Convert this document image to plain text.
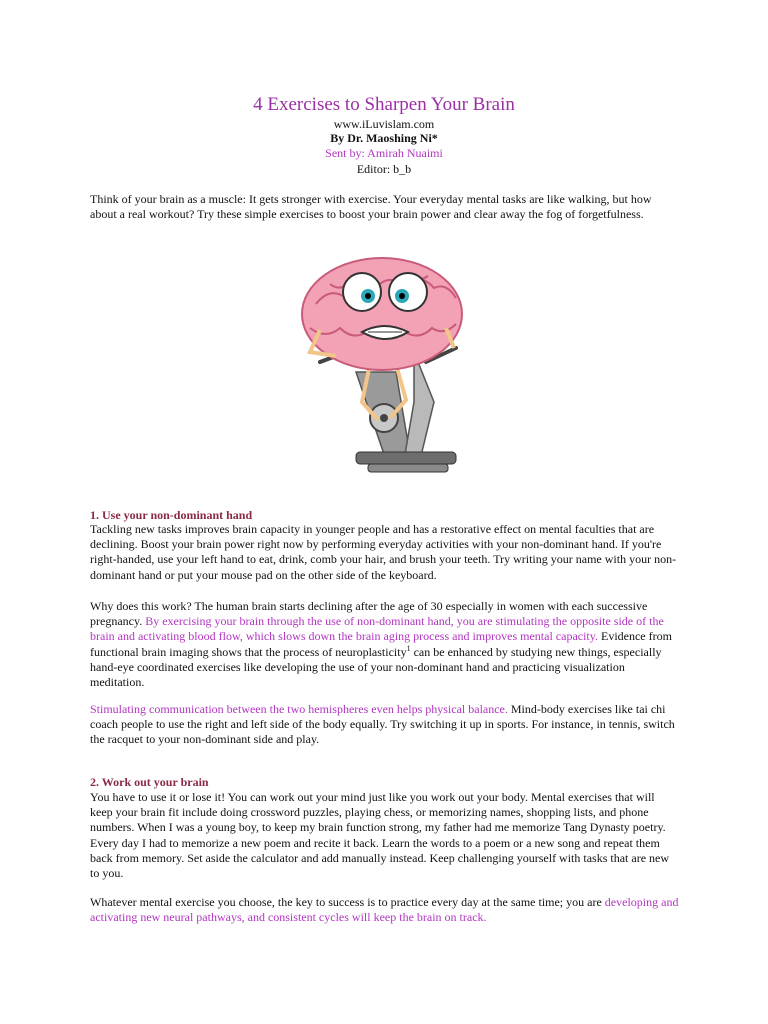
4 Exercises to Sharpen Your Brain
www.iLuvislam.com
By Dr. Maoshing Ni*
Sent by: Amirah Nuaimi
Editor: b_b

Think of your brain as a muscle: It gets stronger with exercise. Your everyday mental tasks are like walking, but how about a real workout? Try these simple exercises to boost your brain power and clear away the fog of forgetfulness.

1. Use your non-dominant hand

Tackling new tasks improves brain capacity in younger people and has a restorative effect on mental faculties that are declining. Boost your brain power right now by performing everyday activities with your non-dominant hand. If you're right-handed, use your left hand to eat, drink, comb your hair, and brush your teeth. Try writing your name with your non-dominant hand or put your mouse pad on the other side of the keyboard.

Why does this work? The human brain starts declining after the age of 30 especially in women with each successive pregnancy. By exercising your brain through the use of non-dominant hand, you are stimulating the opposite side of the brain and activating blood flow, which slows down the brain aging process and improves mental capacity. Evidence from functional brain imaging shows that the process of neuroplasticity$^1$ can be enhanced by studying new things, especially hand-eye coordinated exercises like developing the use of your non-dominant hand and practicing visualization meditation.

Stimulating communication between the two hemispheres even helps physical balance. Mind-body exercises like tai chi coach people to use the right and left side of the body equally. Try switching it up in sports. For instance, in tennis, switch the racquet to your non-dominant side and play.

2. Work out your brain

You have to use it or lose it! You can work out your mind just like you work out your body. Mental exercises that will keep your brain fit include doing crossword puzzles, playing chess, or memorizing names, shopping lists, and phone numbers. When I was a young boy, to keep my brain function strong, my father had me memorize Tang Dynasty poetry. Every day I had to memorize a new poem and recite it back. Learn the words to a poem or a new song and repeat them back from memory. Set aside the calculator and add manually instead. Keep challenging yourself with tasks that are new to you.

Whatever mental exercise you choose, the key to success is to practice every day at the same time; you are developing and activating new neural pathways, and consistent cycles will keep the brain on track.
